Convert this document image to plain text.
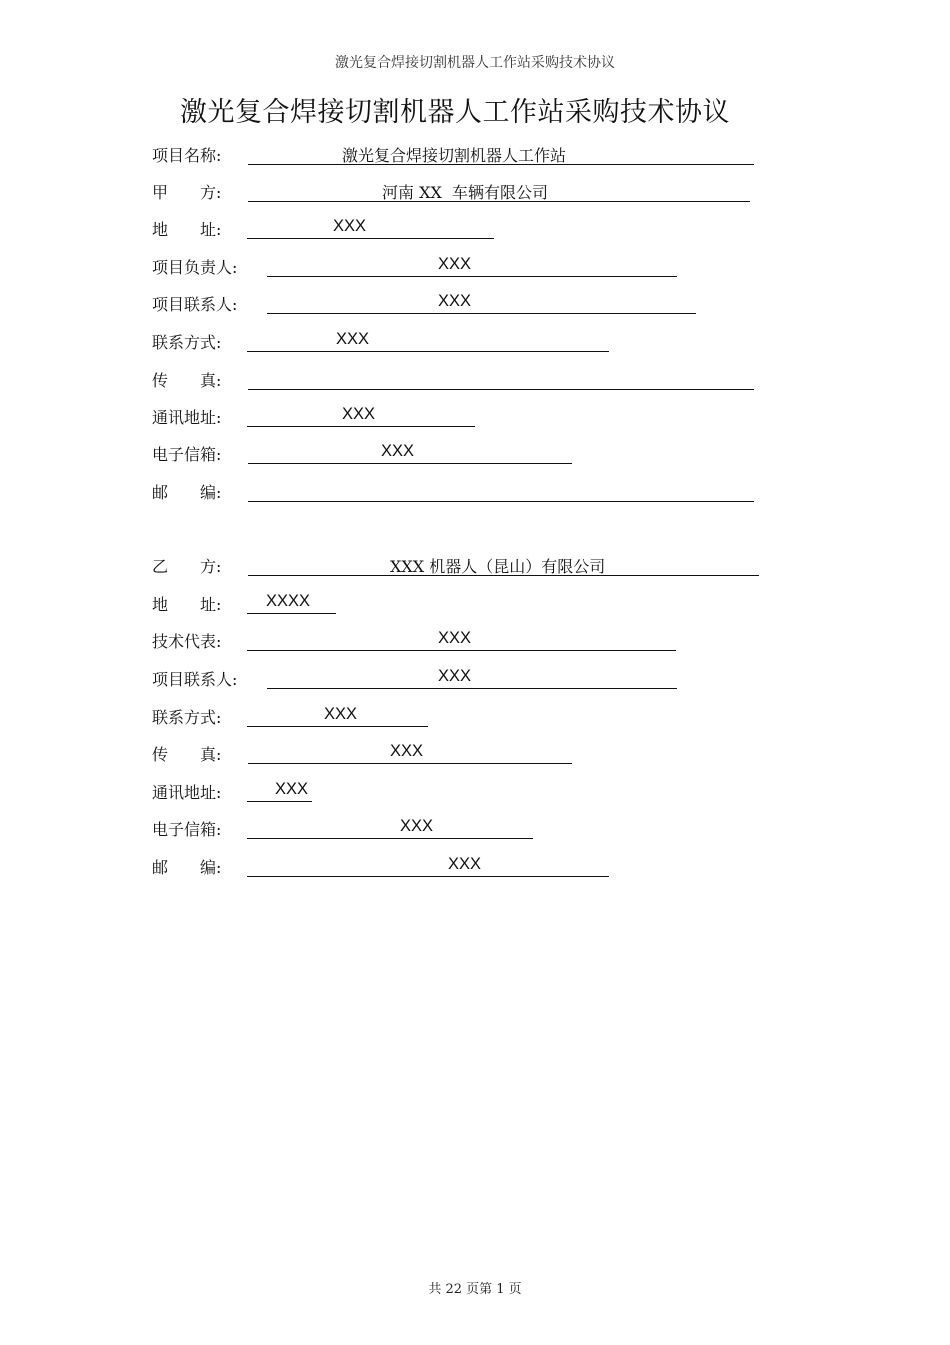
激光复合焊接切割机器人工作站采购技术协议
激光复合焊接切割机器人工作站采购技术协议
项目名称:	激光复合焊接切割机器人工作站
甲　　方:	河南 XX  车辆有限公司
地　　址:	XXX
项目负责人:	XXX
项目联系人:	XXX
联系方式:	XXX
传　　真:
通讯地址:	XXX
电子信箱:	XXX
邮　　编:
乙　　方:	XXX 机器人（昆山）有限公司
地　　址:	XXXX
技术代表:	XXX
项目联系人:	XXX
联系方式:	XXX
传　　真:	XXX
通讯地址:	XXX
电子信箱:	XXX
邮　　编:	XXX
共 22 页第 1 页
